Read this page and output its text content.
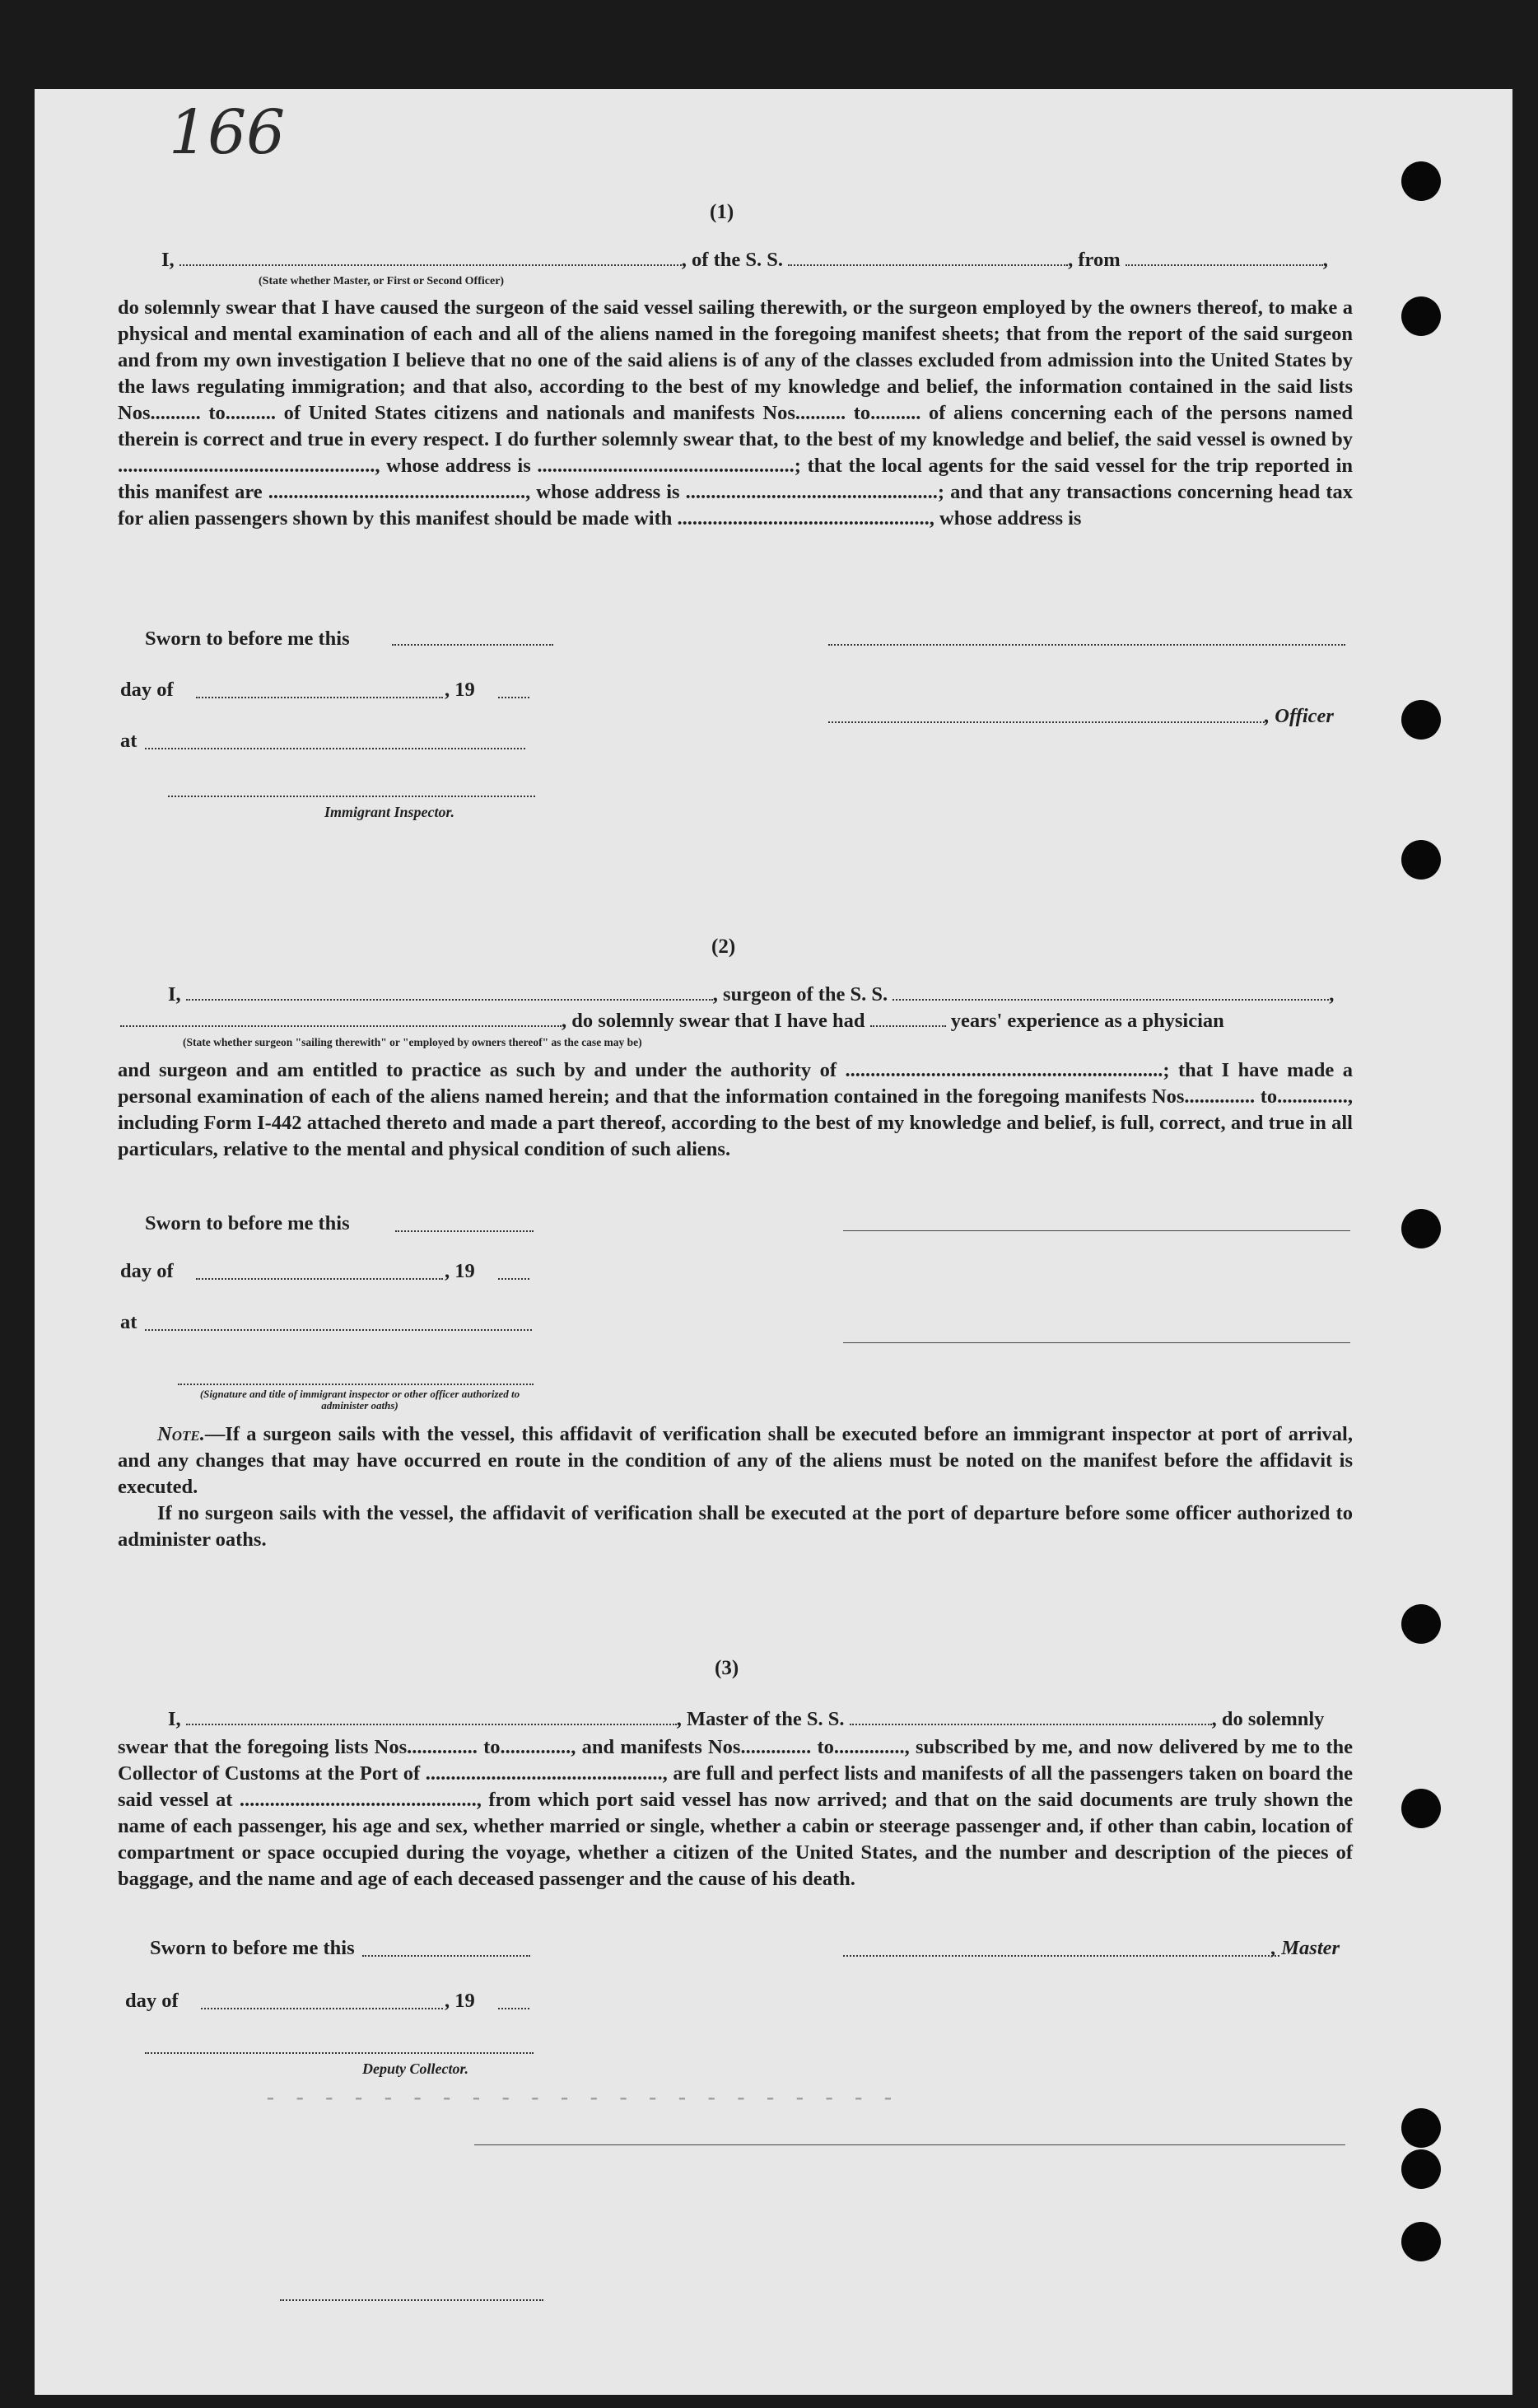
- - - - - - - - - - - - - - - - - - - - - -
166
(1)
I,	, of the S. S.	, from	,
(State whether Master, or First or Second Officer)
do solemnly swear that I have caused the surgeon of the said vessel sailing therewith, or the surgeon employed by the owners thereof, to make a physical and mental examination of each and all of the aliens named in the foregoing manifest sheets; that from the report of the said surgeon and from my own investigation I believe that no one of the said aliens is of any of the classes excluded from admission into the United States by the laws regulating immigration; and that also, according to the best of my knowledge and belief, the information contained in the said lists Nos.......... to.......... of United States citizens and nationals and manifests Nos.......... to.......... of aliens concerning each of the persons named therein is correct and true in every respect. I do further solemnly swear that, to the best of my knowledge and belief, the said vessel is owned by ..................................................., whose address is ...................................................; that the local agents for the said vessel for the trip reported in this manifest are ..................................................., whose address is ..................................................; and that any transactions concerning head tax for alien passengers shown by this manifest should be made with .................................................., whose address is
Sworn to before me this
day of	, 19
, Officer
at
Immigrant Inspector.
(2)
I,	, surgeon of the S. S.	,
, do solemnly swear that I have had	years' experience as a physician
(State whether surgeon "sailing therewith" or "employed by owners thereof" as the case may be)
and surgeon and am entitled to practice as such by and under the authority of ...............................................................; that I have made a personal examination of each of the aliens named herein; and that the information contained in the foregoing manifests Nos.............. to.............., including Form I-442 attached thereto and made a part thereof, according to the best of my knowledge and belief, is full, correct, and true in all particulars, relative to the mental and physical condition of such aliens.
Sworn to before me this
day of	, 19
at
(Signature and title of immigrant inspector or other officer authorized to administer oaths)
Note.—If a surgeon sails with the vessel, this affidavit of verification shall be executed before an immigrant inspector at port of arrival, and any changes that may have occurred en route in the condition of any of the aliens must be noted on the manifest before the affidavit is executed.
If no surgeon sails with the vessel, the affidavit of verification shall be executed at the port of departure before some officer authorized to administer oaths.
(3)
I,	, Master of the S. S.	, do solemnly
swear that the foregoing lists Nos.............. to.............., and manifests Nos.............. to.............., subscribed by me, and now delivered by me to the Collector of Customs at the Port of ..............................................., are full and perfect lists and manifests of all the passengers taken on board the said vessel at ..............................................., from which port said vessel has now arrived; and that on the said documents are truly shown the name of each passenger, his age and sex, whether married or single, whether a cabin or steerage passenger and, if other than cabin, location of compartment or space occupied during the voyage, whether a citizen of the United States, and the number and description of the pieces of baggage, and the name and age of each deceased passenger and the cause of his death.
Sworn to before me this	, Master
day of	, 19
Deputy Collector.
